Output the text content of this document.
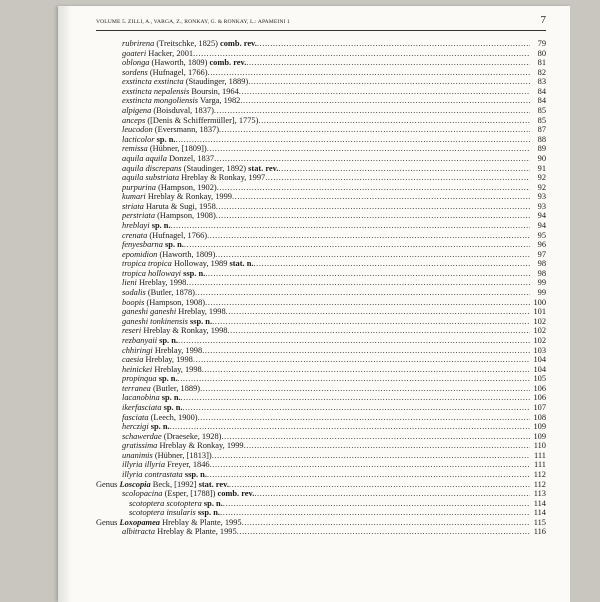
VOLUME 5. ZILLI, A., VARGA, Z., RONKAY, G. & RONKAY, L.: APAMEINI 1	7
rubrirena (Treitschke, 1825) comb. rev. .....	79
goateri Hacker, 2001 .....	80
oblonga (Haworth, 1809) comb. rev. .....	81
sordens (Hufnagel, 1766) .....	82
exstincta exstincta (Staudinger, 1889) .....	83
exstincta nepalensis Boursin, 1964 .....	84
exstincta mongoliensis Varga, 1982 .....	84
alpigena (Boisduval, 1837) .....	85
anceps ([Denis & Schiffermüller], 1775) .....	85
leucodon (Eversmann, 1837) .....	87
lacticolor sp. n. .....	88
remissa (Hübner, [1809]) .....	89
aquila aquila Donzel, 1837 .....	90
aquila discrepans (Staudinger, 1892) stat. rev. .....	91
aquila substriata Hreblay & Ronkay, 1997 .....	92
purpurina (Hampson, 1902) .....	92
kumari Hreblay & Ronkay, 1999 .....	93
striata Haruta & Sugi, 1958 .....	93
perstriata (Hampson, 1908) .....	94
hreblayi sp. n. .....	94
crenata (Hufnagel, 1766) .....	95
fenyesbarna sp. n. .....	96
epomidion (Haworth, 1809) .....	97
tropica tropica Holloway, 1989 stat. n. .....	98
tropica hollowayi ssp. n. .....	98
lieni Hreblay, 1998 .....	99
sodalis (Butler, 1878) .....	99
boopis (Hampson, 1908) .....	100
ganeshi ganeshi Hreblay, 1998 .....	101
ganeshi tonkinensis ssp. n. .....	102
reseri Hreblay & Ronkay, 1998 .....	102
rezbanyaii sp. n. .....	102
chhiringi Hreblay, 1998 .....	103
caesia Hreblay, 1998 .....	104
heinickei Hreblay, 1998 .....	104
propinqua sp. n. .....	105
terranea (Butler, 1889) .....	106
lacanobina sp. n. .....	106
ikerfasciata sp. n. .....	107
fasciata (Leech, 1900) .....	108
herczigi sp. n. .....	109
schawerdae (Draeseke, 1928) .....	109
gratissima Hreblay & Ronkay, 1999 .....	110
unanimis (Hübner, [1813]) .....	111
illyria illyria Freyer, 1846 .....	111
illyria contrastata ssp. n. .....	112
Genus Loscopia Beck, [1992] stat. rev. .....	112
scolopacina (Esper, [1788]) comb. rev. .....	113
scotoptera scotoptera sp. n. .....	114
scotoptera insularis ssp. n. .....	114
Genus Loxopamea Hreblay & Plante, 1995 .....	115
albitracta Hreblay & Plante, 1995 .....	116
